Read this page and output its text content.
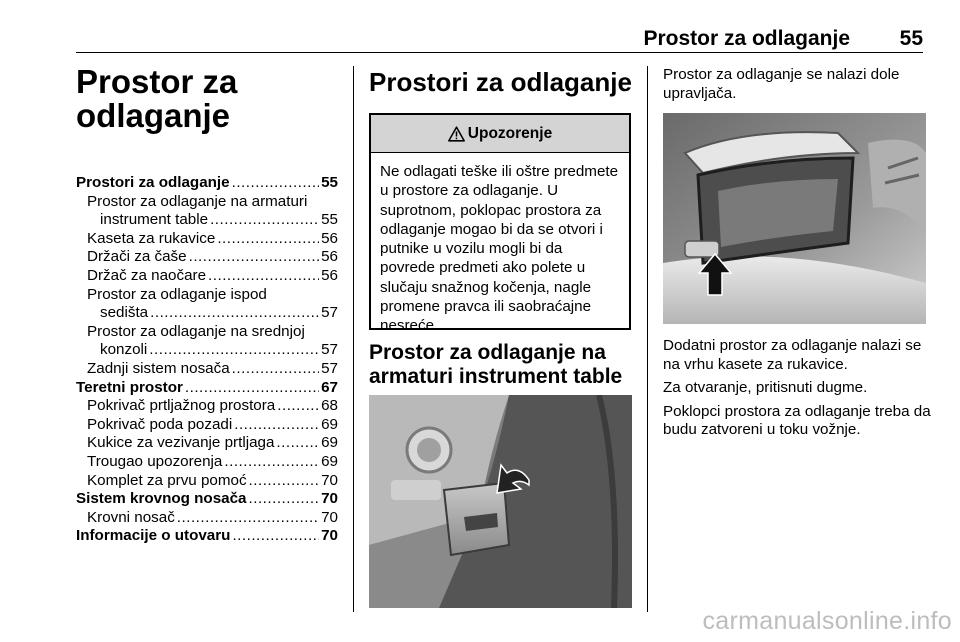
Prostor za odlaganje 55
Prostor za odlaganje
Prostori za odlaganje .....	55
Prostor za odlaganje na armaturi
instrument table .....	55
Kaseta za rukavice .....	56
Držači za čaše .....	56
Držač za naočare .....	56
Prostor za odlaganje ispod
sedišta .....	57
Prostor za odlaganje na srednjoj
konzoli .....	57
Zadnji sistem nosača .....	57
Teretni prostor .....	67
Pokrivač prtljažnog prostora .....	68
Pokrivač poda pozadi .....	69
Kukice za vezivanje prtljaga .....	69
Trougao upozorenja .....	69
Komplet za prvu pomoć .....	70
Sistem krovnog nosača .....	70
Krovni nosač .....	70
Informacije o utovaru .....	70
Prostori za odlaganje
Upozorenje
Ne odlagati teške ili oštre predmete u prostore za odlaganje. U suprotnom, poklopac prostora za odlaganje mogao bi da se otvori i putnike u vozilu mogli bi da povrede predmeti ako polete u slučaju snažnog kočenja, nagle promene pravca ili saobraćajne nesreće.
Prostor za odlaganje na armaturi instrument table

Prostor za odlaganje se nalazi dole upravljača.

Dodatni prostor za odlaganje nalazi se na vrhu kasete za rukavice.

Za otvaranje, pritisnuti dugme.

Poklopci prostora za odlaganje treba da budu zatvoreni u toku vožnje.

carmanualsonline.info
